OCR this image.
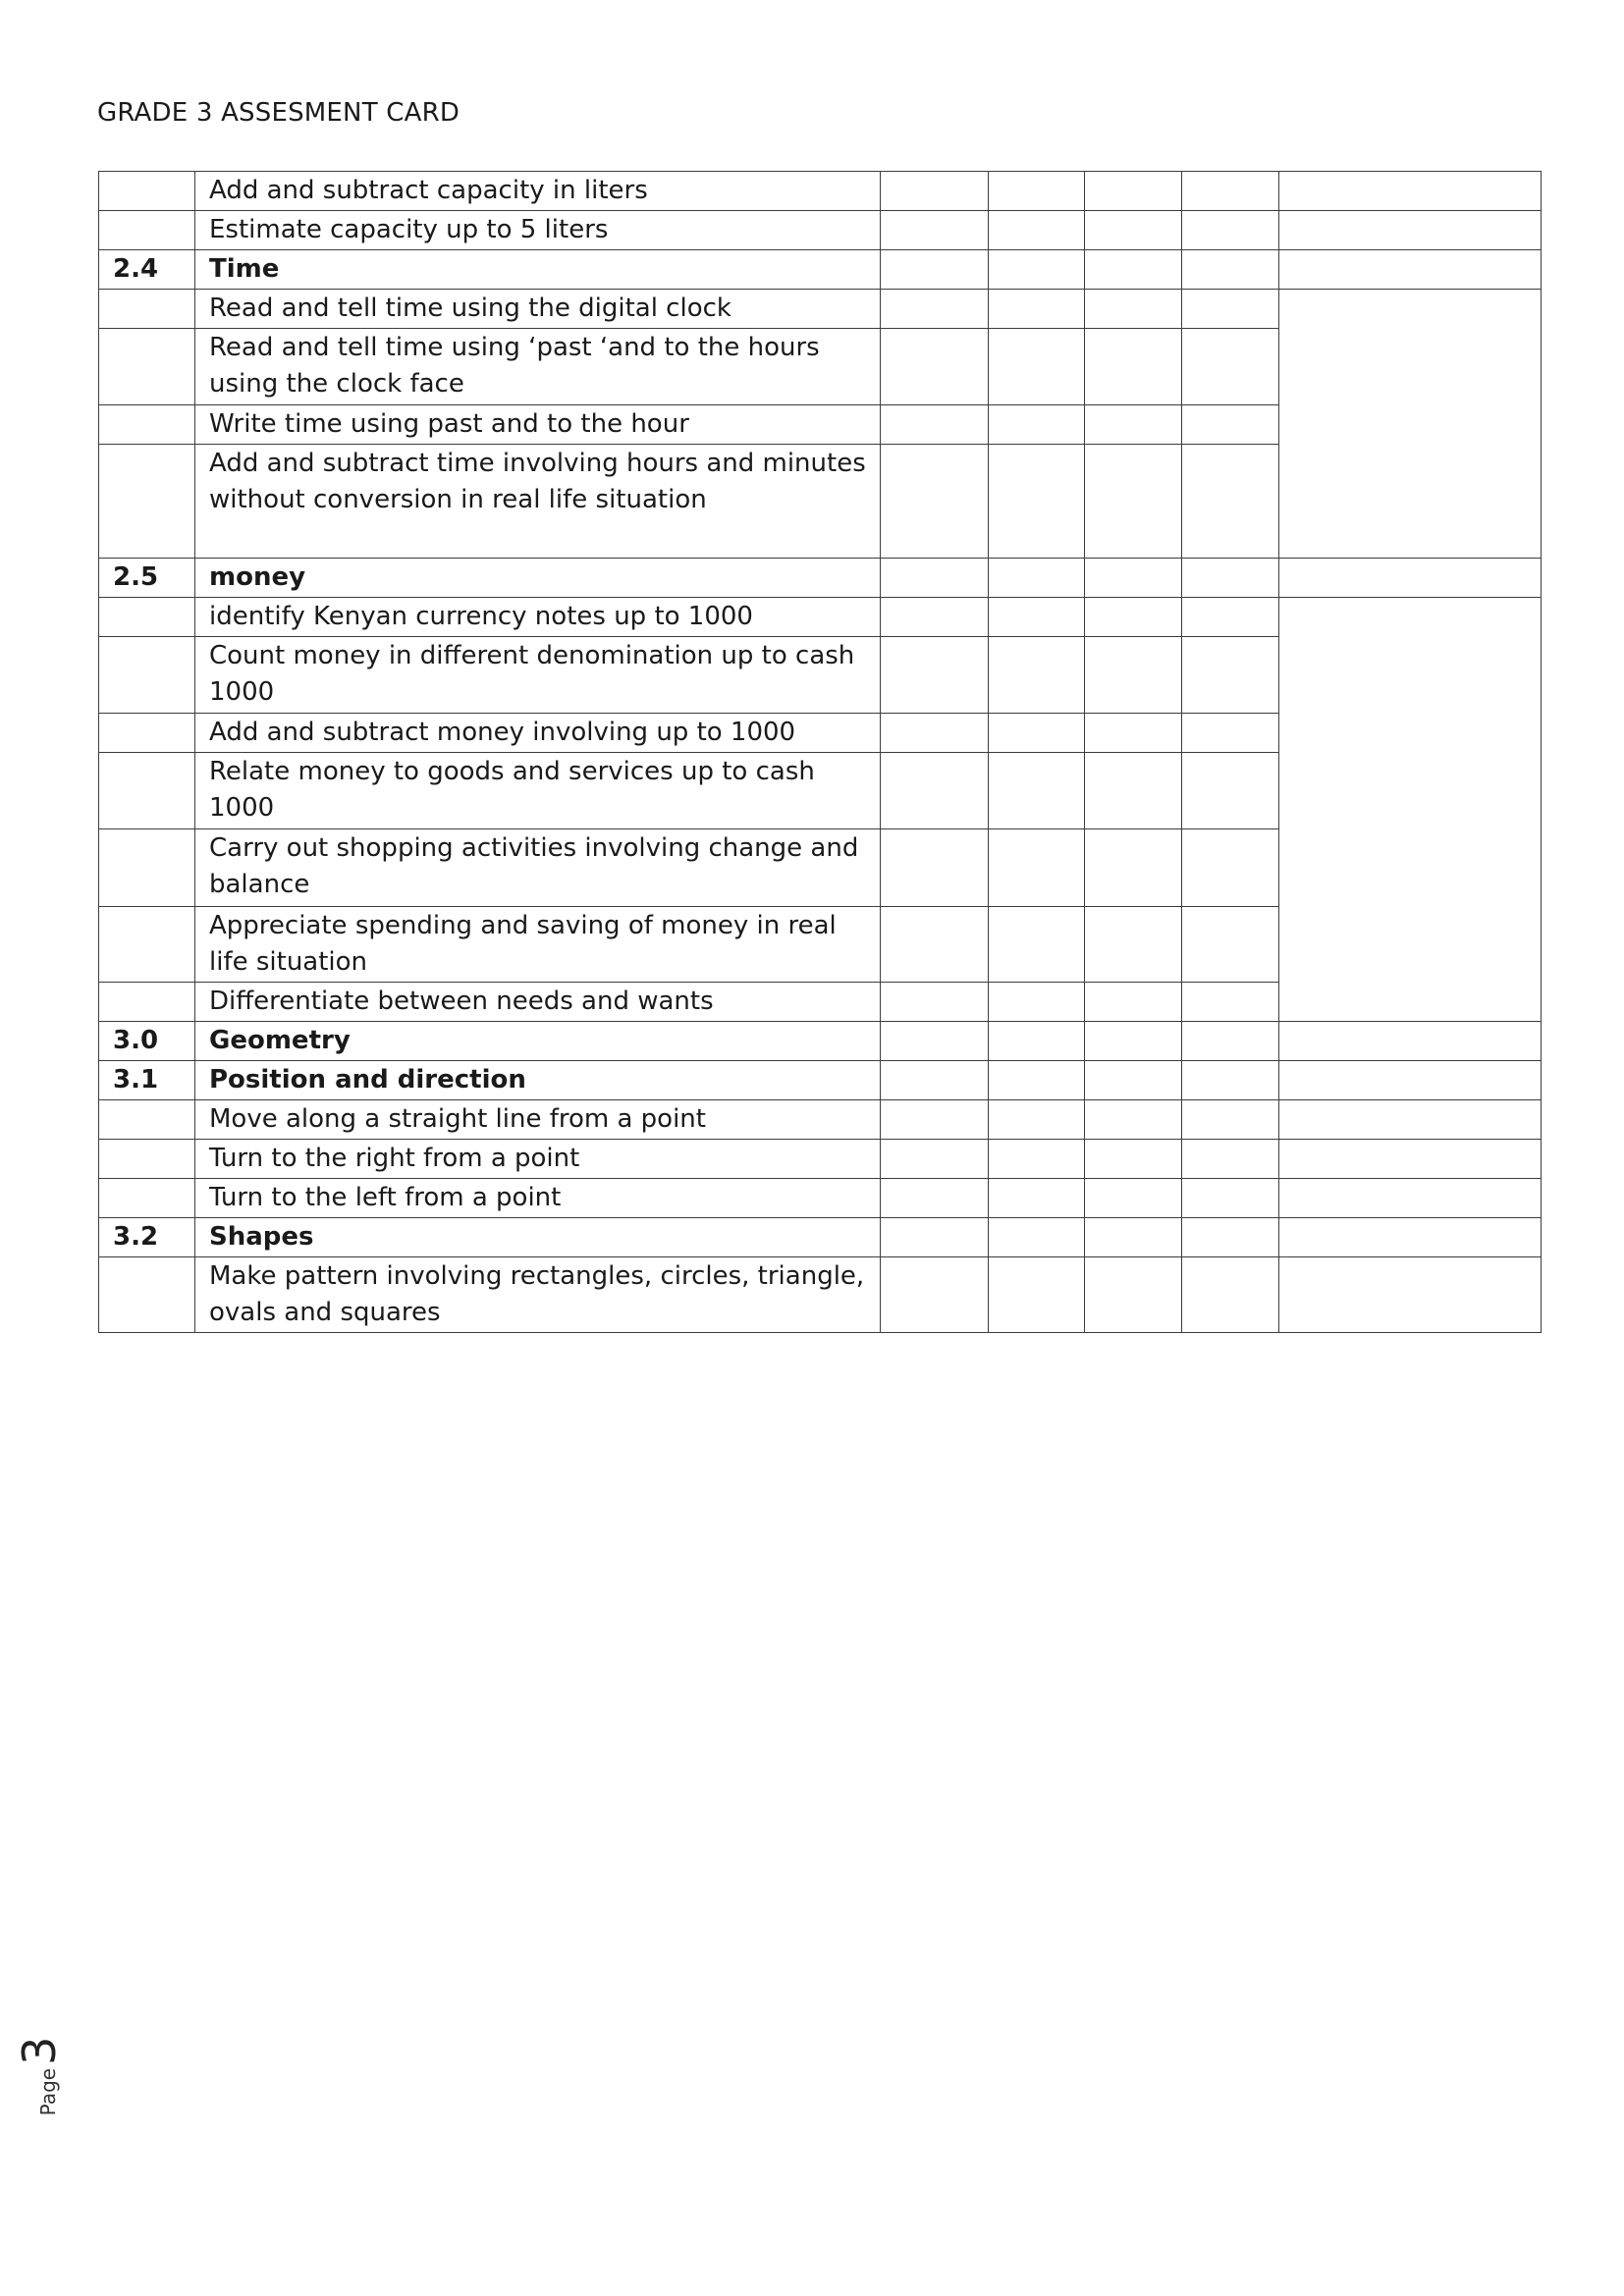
GRADE 3 ASSESMENT CARD
	Add and subtract capacity in liters					
	Estimate capacity up to 5 liters					
2.4	Time					
	Read and tell time using the digital clock					
	Read and tell time using ‘past ‘and to the hours using the clock face					
	Write time using past and to the hour					
	Add and subtract time involving hours and minutes without conversion in real life situation					
2.5	money					
	identify Kenyan currency notes up to 1000					
	Count money in different denomination up to cash 1000					
	Add and subtract money involving up to 1000					
	Relate money to goods and services up to cash 1000					
	Carry out shopping activities involving change and balance					
	Appreciate spending and saving of money in real life situation					
	Differentiate between needs and wants					
3.0	Geometry					
3.1	Position and direction					
	Move along a straight line from a point					
	Turn to the right from a point					
	Turn to the left from a point					
3.2	Shapes					
	Make pattern involving rectangles, circles, triangle, ovals and squares					
Page
3
